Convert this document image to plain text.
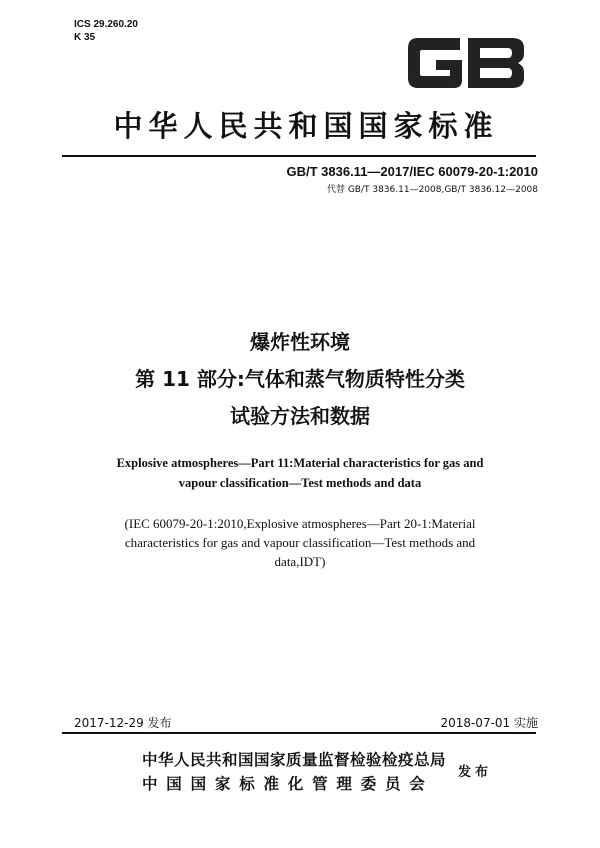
ICS 29.260.20
K 35
中华人民共和国国家标准
GB/T 3836.11—2017/IEC 60079-20-1:2010
代替 GB/T 3836.11—2008,GB/T 3836.12—2008
爆炸性环境
第 11 部分:气体和蒸气物质特性分类
试验方法和数据
Explosive atmospheres—Part 11:Material characteristics for gas and
vapour classification—Test methods and data
(IEC 60079-20-1:2010,Explosive atmospheres—Part 20-1:Material
characteristics for gas and vapour classification—Test methods and
data,IDT)
2017-12-29 发布	2018-07-01 实施
中华人民共和国国家质量监督检验检疫总局
中国国家标准化管理委员会
发布
